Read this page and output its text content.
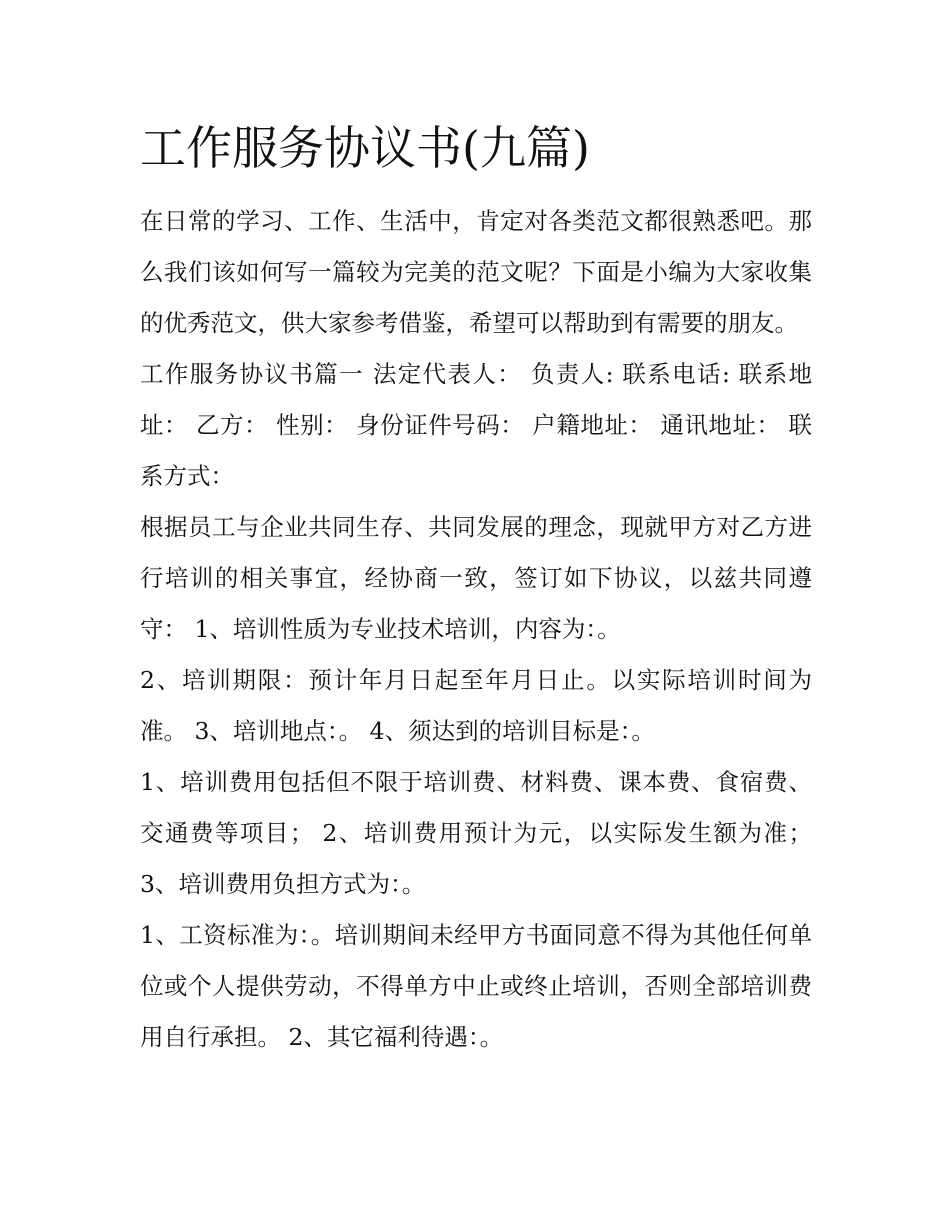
工作服务协议书(九篇)

在日常的学习、工作、生活中，肯定对各类范文都很熟悉吧。那么我们该如何写一篇较为完美的范文呢？下面是小编为大家收集的优秀范文，供大家参考借鉴，希望可以帮助到有需要的朋友。

工作服务协议书篇一 法定代表人： 负责人: 联系电话: 联系地址： 乙方： 性别： 身份证件号码： 户籍地址： 通讯地址： 联系方式：

根据员工与企业共同生存、共同发展的理念，现就甲方对乙方进行培训的相关事宜，经协商一致，签订如下协议，以兹共同遵守： 1、培训性质为专业技术培训，内容为：。

2、培训期限：预计年月日起至年月日止。以实际培训时间为准。 3、培训地点：。 4、须达到的培训目标是：。

1、培训费用包括但不限于培训费、材料费、课本费、食宿费、交通费等项目； 2、培训费用预计为元，以实际发生额为准； 3、培训费用负担方式为：。

1、工资标准为：。培训期间未经甲方书面同意不得为其他任何单位或个人提供劳动，不得单方中止或终止培训，否则全部培训费用自行承担。 2、其它福利待遇：。
